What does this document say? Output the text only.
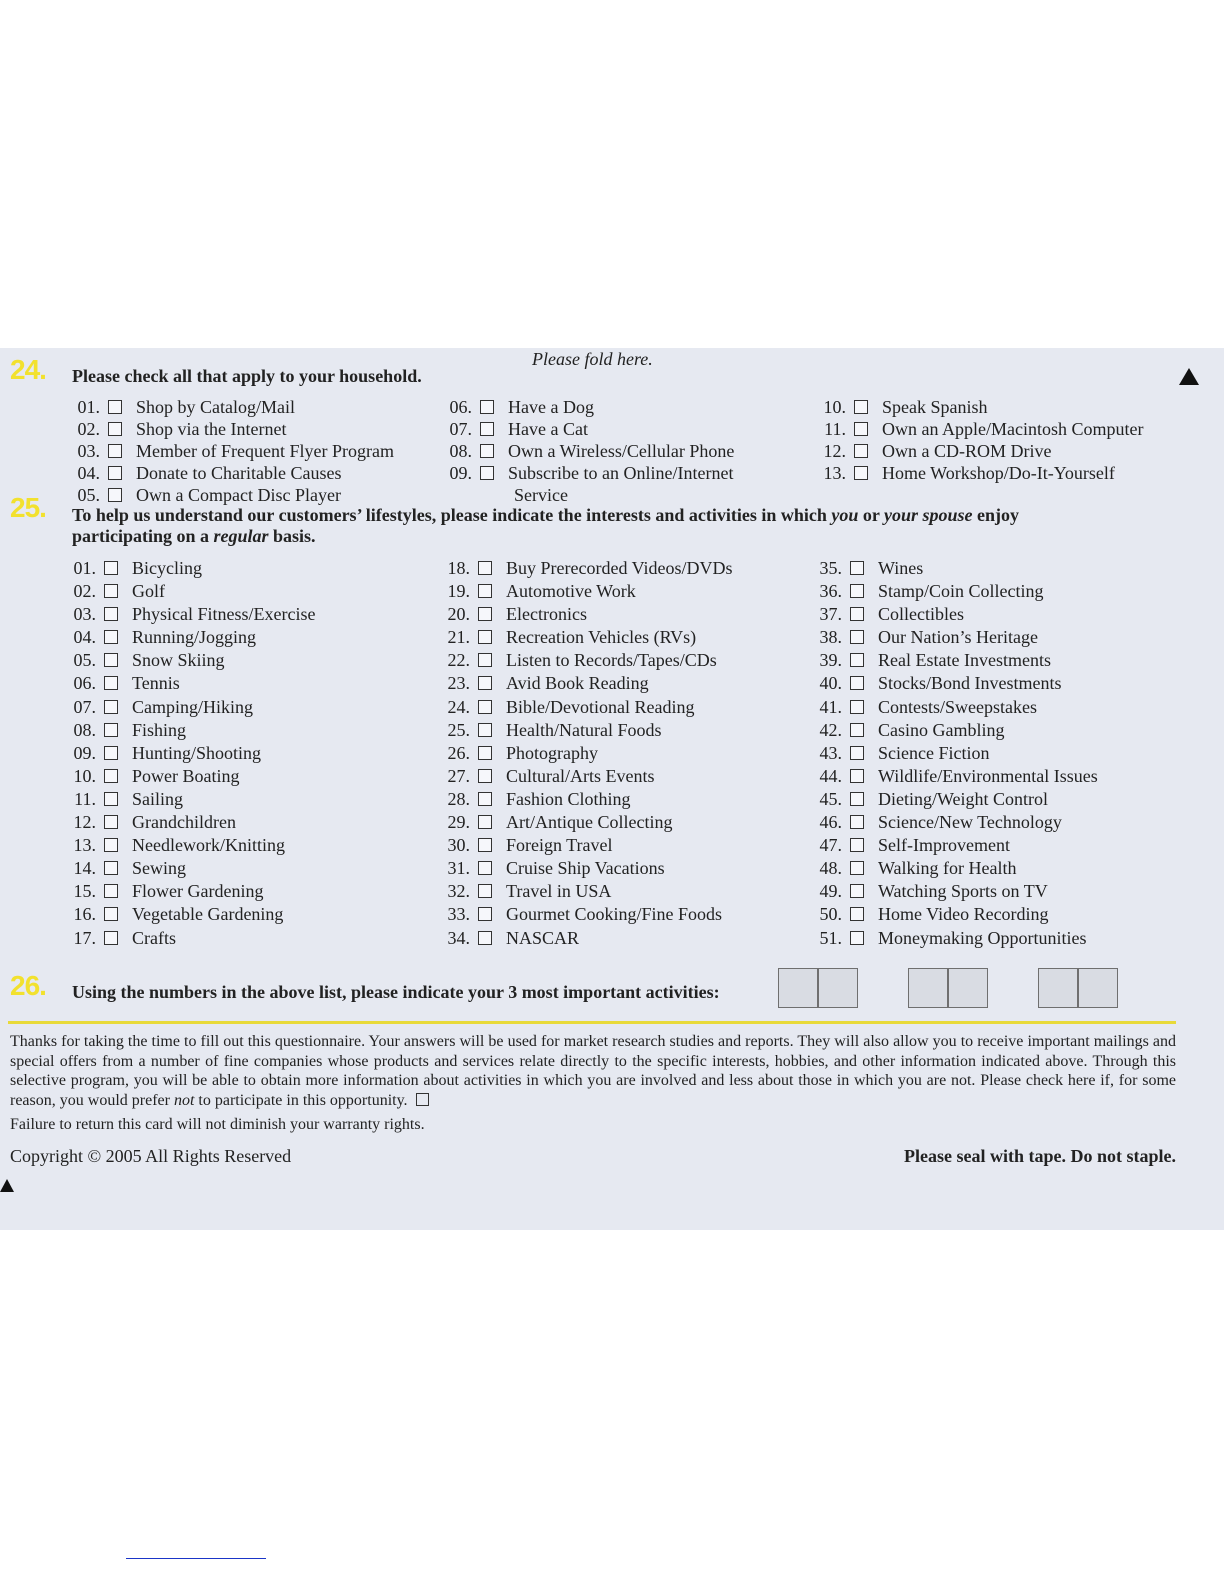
Please fold here.
24. Please check all that apply to your household.
01. Shop by Catalog/Mail
02. Shop via the Internet
03. Member of Frequent Flyer Program
04. Donate to Charitable Causes
05. Own a Compact Disc Player
06. Have a Dog
07. Have a Cat
08. Own a Wireless/Cellular Phone
09. Subscribe to an Online/Internet
Service
10. Speak Spanish
11. Own an Apple/Macintosh Computer
12. Own a CD-ROM Drive
13. Home Workshop/Do-It-Yourself
25. To help us understand our customers’ lifestyles, please indicate the interests and activities in which you or your spouse enjoy
participating on a regular basis.
01. Bicycling
02. Golf
03. Physical Fitness/Exercise
04. Running/Jogging
05. Snow Skiing
06. Tennis
07. Camping/Hiking
08. Fishing
09. Hunting/Shooting
10. Power Boating
11. Sailing
12. Grandchildren
13. Needlework/Knitting
14. Sewing
15. Flower Gardening
16. Vegetable Gardening
17. Crafts
18. Buy Prerecorded Videos/DVDs
19. Automotive Work
20. Electronics
21. Recreation Vehicles (RVs)
22. Listen to Records/Tapes/CDs
23. Avid Book Reading
24. Bible/Devotional Reading
25. Health/Natural Foods
26. Photography
27. Cultural/Arts Events
28. Fashion Clothing
29. Art/Antique Collecting
30. Foreign Travel
31. Cruise Ship Vacations
32. Travel in USA
33. Gourmet Cooking/Fine Foods
34. NASCAR
35. Wines
36. Stamp/Coin Collecting
37. Collectibles
38. Our Nation’s Heritage
39. Real Estate Investments
40. Stocks/Bond Investments
41. Contests/Sweepstakes
42. Casino Gambling
43. Science Fiction
44. Wildlife/Environmental Issues
45. Dieting/Weight Control
46. Science/New Technology
47. Self-Improvement
48. Walking for Health
49. Watching Sports on TV
50. Home Video Recording
51. Moneymaking Opportunities
26. Using the numbers in the above list, please indicate your 3 most important activities:
Thanks for taking the time to fill out this questionnaire. Your answers will be used for market research studies and reports. They will also allow you to receive important mailings and special offers from a number of fine companies whose products and services relate directly to the specific interests, hobbies, and other information indicated above. Through this selective program, you will be able to obtain more information about activities in which you are involved and less about those in which you are not. Please check here if, for some reason, you would prefer not to participate in this opportunity.
Failure to return this card will not diminish your warranty rights.
Copyright © 2005 All Rights Reserved	Please seal with tape. Do not staple.
